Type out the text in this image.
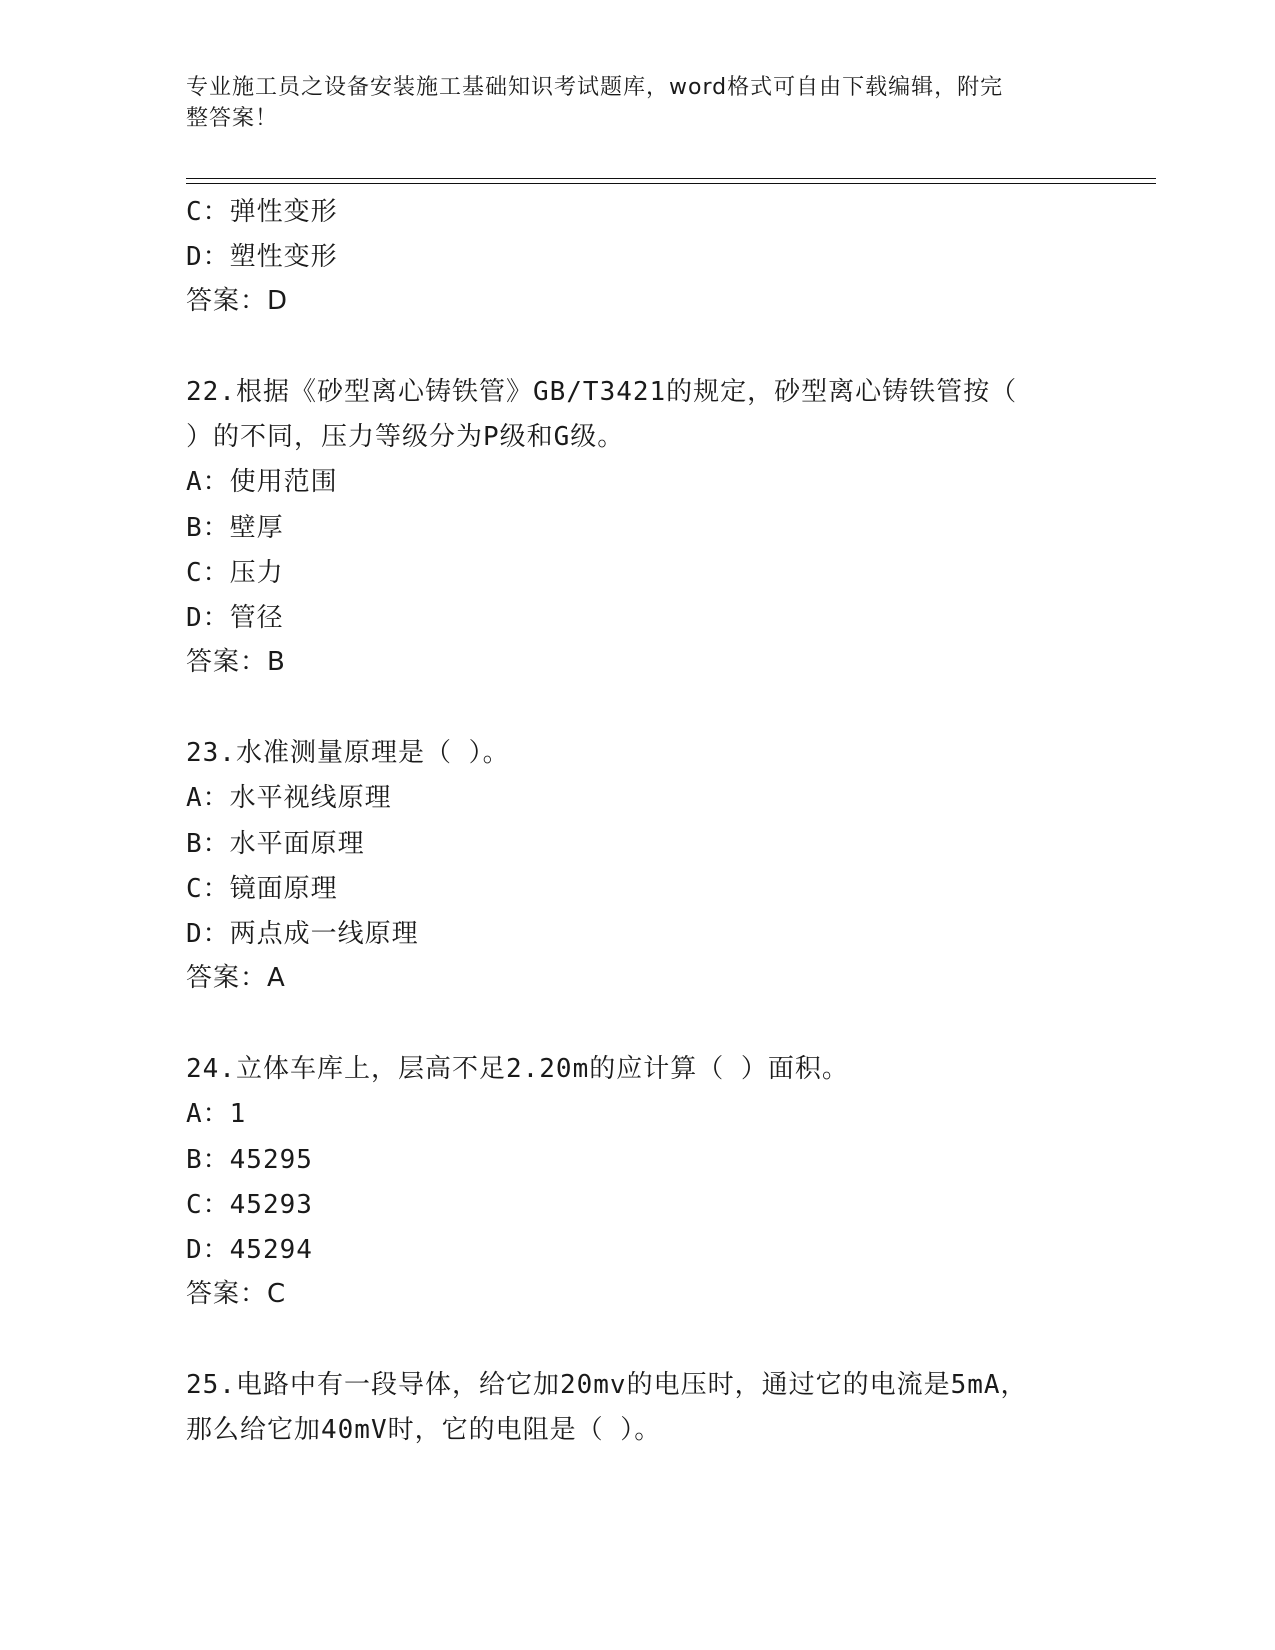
专业施工员之设备安装施工基础知识考试题库，word格式可自由下载编辑，附完
整答案！
C：弹性变形
D：塑性变形
答案：D
22.根据《砂型离心铸铁管》GB/T3421的规定，砂型离心铸铁管按（
）的不同，压力等级分为P级和G级。
A：使用范围
B：壁厚
C：压力
D：管径
答案：B
23.水准测量原理是（ ）。
A：水平视线原理
B：水平面原理
C：镜面原理
D：两点成一线原理
答案：A
24.立体车库上，层高不足2.20m的应计算（ ）面积。
A：1
B：45295
C：45293
D：45294
答案：C
25.电路中有一段导体，给它加20mv的电压时，通过它的电流是5mA，
那么给它加40mV时，它的电阻是（ ）。
